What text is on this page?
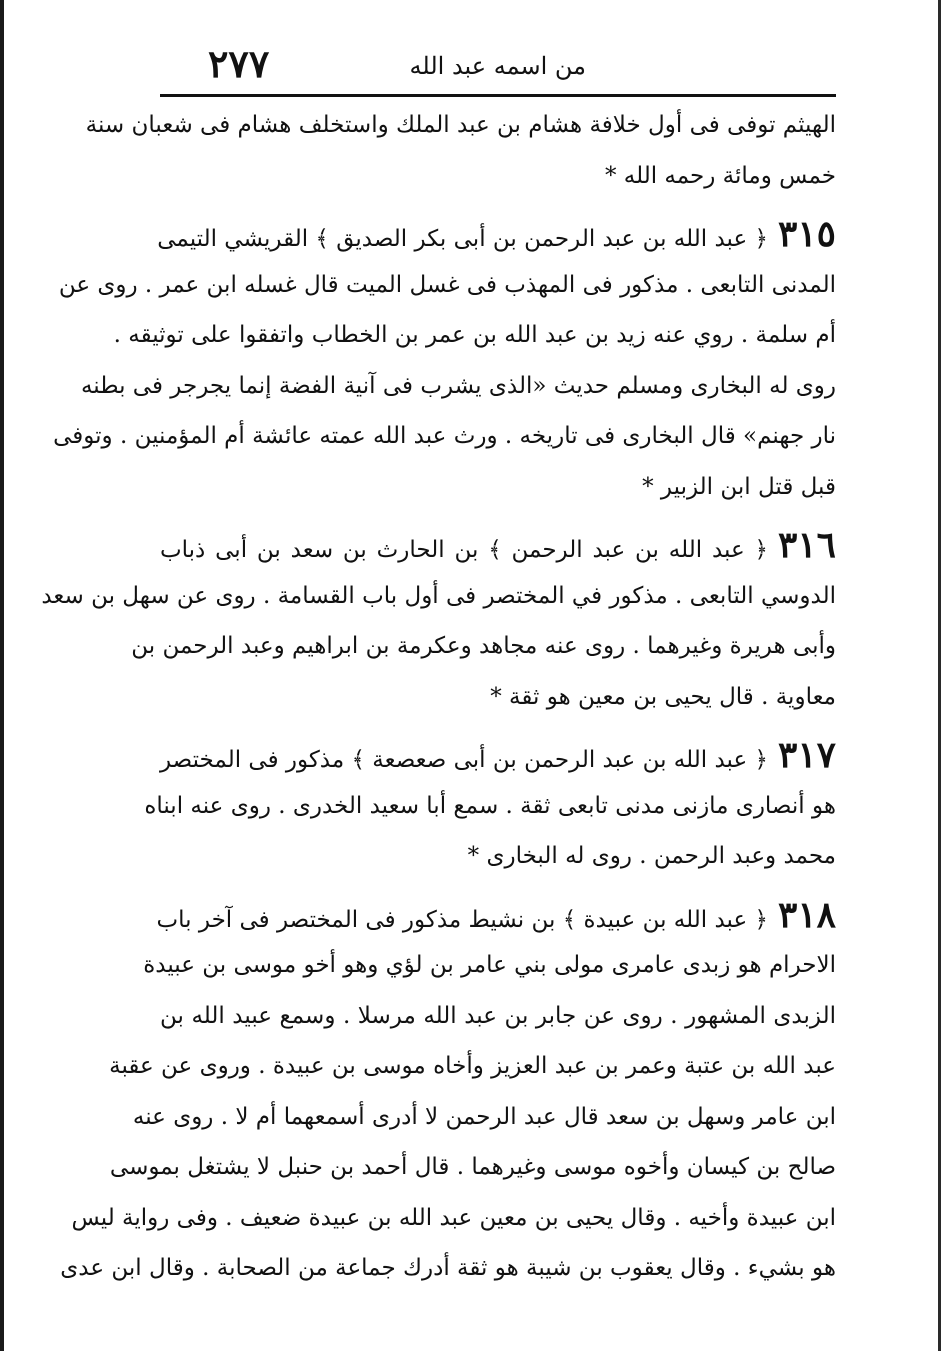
من اسمه عبد الله
٢٧٧
الهيثم توفى فى أول خلافة هشام بن عبد الملك واستخلف هشام فى شعبان سنة
خمس ومائة رحمه الله *
٣١٥﴿ عبد الله بن عبد الرحمن بن أبى بكر الصديق ﴾ القريشي التيمى
المدنى التابعى . مذكور فى المهذب فى غسل الميت قال غسله ابن عمر . روى عن
أم سلمة . روي عنه زيد بن عبد الله بن عمر بن الخطاب واتفقوا على توثيقه .
روى له البخارى ومسلم حديث «الذى يشرب فى آنية الفضة إنما يجرجر فى بطنه
نار جهنم» قال البخارى فى تاريخه . ورث عبد الله عمته عائشة أم المؤمنين . وتوفى
قبل قتل ابن الزبير *
٣١٦﴿ عبد الله بن عبد الرحمن ﴾ بن الحارث بن سعد بن أبى ذباب
الدوسي التابعى . مذكور في المختصر فى أول باب القسامة . روى عن سهل بن سعد
وأبى هريرة وغيرهما . روى عنه مجاهد وعكرمة بن ابراهيم وعبد الرحمن بن
معاوية . قال يحيى بن معين هو ثقة *
٣١٧﴿ عبد الله بن عبد الرحمن بن أبى صعصعة ﴾ مذكور فى المختصر
هو أنصارى مازنى مدنى تابعى ثقة . سمع أبا سعيد الخدرى . روى عنه ابناه
محمد وعبد الرحمن . روى له البخارى *
٣١٨﴿ عبد الله بن عبيدة ﴾ بن نشيط مذكور فى المختصر فى آخر باب
الاحرام هو زبدى عامرى مولى بني عامر بن لؤي وهو أخو موسى بن عبيدة
الزبدى المشهور . روى عن جابر بن عبد الله مرسلا . وسمع عبيد الله بن
عبد الله بن عتبة وعمر بن عبد العزيز وأخاه موسى بن عبيدة . وروى عن عقبة
ابن عامر وسهل بن سعد قال عبد الرحمن لا أدرى أسمعهما أم لا . روى عنه
صالح بن كيسان وأخوه موسى وغيرهما . قال أحمد بن حنبل لا يشتغل بموسى
ابن عبيدة وأخيه . وقال يحيى بن معين عبد الله بن عبيدة ضعيف . وفى رواية ليس
هو بشيء . وقال يعقوب بن شيبة هو ثقة أدرك جماعة من الصحابة . وقال ابن عدى
